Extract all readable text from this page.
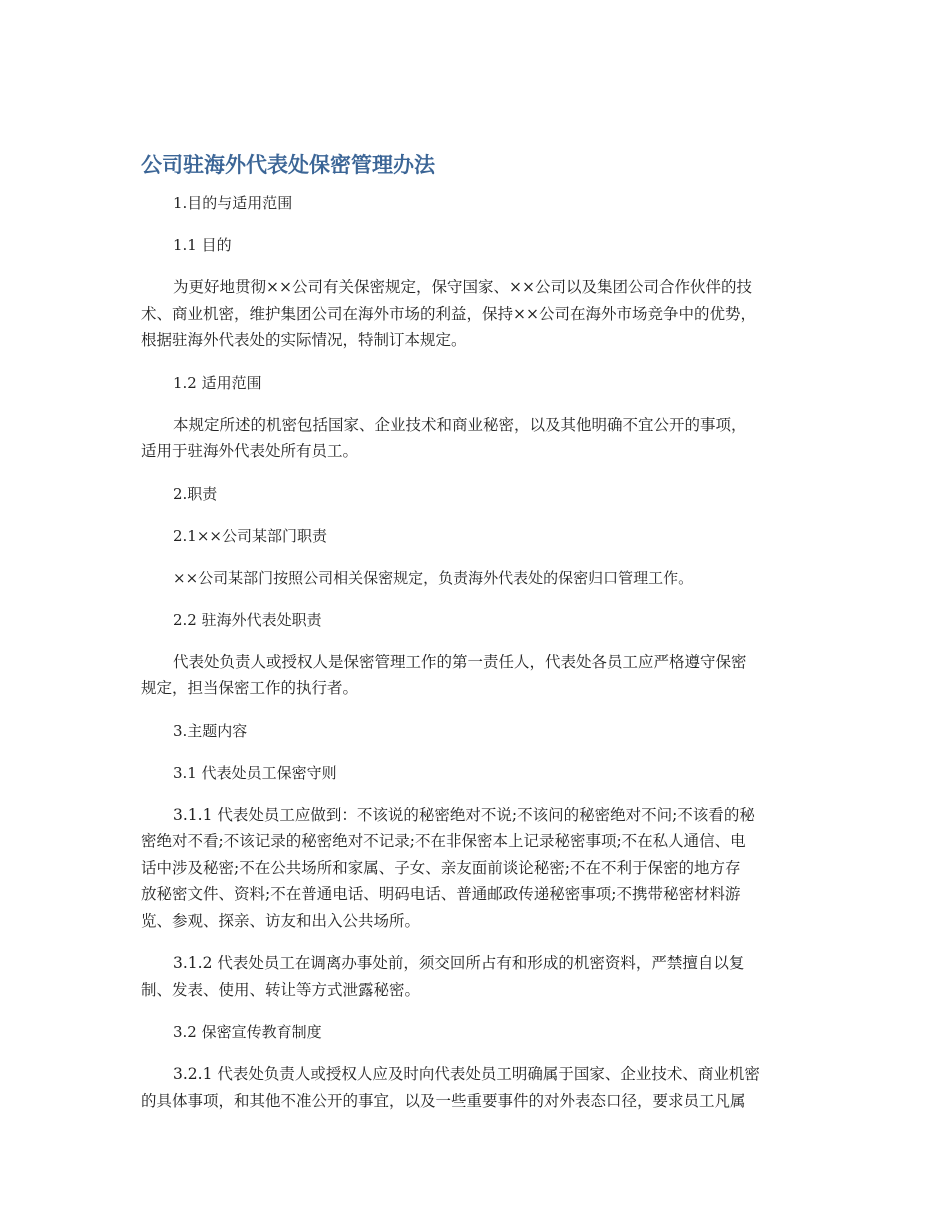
公司驻海外代表处保密管理办法

1.目的与适用范围

1.1 目的

为更好地贯彻××公司有关保密规定，保守国家、××公司以及集团公司合作伙伴的技
术、商业机密，维护集团公司在海外市场的利益，保持××公司在海外市场竞争中的优势，
根据驻海外代表处的实际情况，特制订本规定。

1.2 适用范围

本规定所述的机密包括国家、企业技术和商业秘密，以及其他明确不宜公开的事项，
适用于驻海外代表处所有员工。

2.职责

2.1××公司某部门职责

××公司某部门按照公司相关保密规定，负责海外代表处的保密归口管理工作。

2.2 驻海外代表处职责

代表处负责人或授权人是保密管理工作的第一责任人，代表处各员工应严格遵守保密
规定，担当保密工作的执行者。

3.主题内容

3.1 代表处员工保密守则

3.1.1 代表处员工应做到：不该说的秘密绝对不说;不该问的秘密绝对不问;不该看的秘
密绝对不看;不该记录的秘密绝对不记录;不在非保密本上记录秘密事项;不在私人通信、电
话中涉及秘密;不在公共场所和家属、子女、亲友面前谈论秘密;不在不利于保密的地方存
放秘密文件、资料;不在普通电话、明码电话、普通邮政传递秘密事项;不携带秘密材料游
览、参观、探亲、访友和出入公共场所。

3.1.2 代表处员工在调离办事处前，须交回所占有和形成的机密资料，严禁擅自以复
制、发表、使用、转让等方式泄露秘密。

3.2 保密宣传教育制度

3.2.1 代表处负责人或授权人应及时向代表处员工明确属于国家、企业技术、商业机密
的具体事项，和其他不准公开的事宜，以及一些重要事件的对外表态口径，要求员工凡属
